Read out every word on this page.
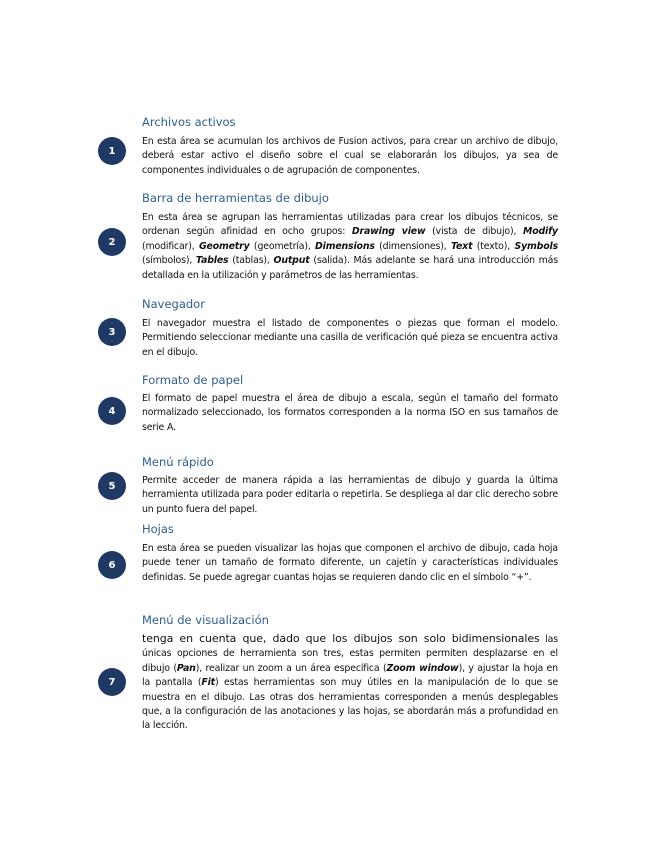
Archivos activos
1
En esta área se acumulan los archivos de Fusion activos, para crear un archivo de dibujo, deberá estar activo el diseño sobre el cual se elaborarán los dibujos, ya sea de componentes individuales o de agrupación de componentes.
Barra de herramientas de dibujo
2
En esta área se agrupan las herramientas utilizadas para crear los dibujos técnicos, se ordenan según afinidad en ocho grupos: Drawing view (vista de dibujo), Modify (modificar), Geometry (geometría), Dimensions (dimensiones), Text (texto), Symbols (símbolos), Tables (tablas), Output (salida). Más adelante se hará una introducción más detallada en la utilización y parámetros de las herramientas.
Navegador
3
El navegador muestra el listado de componentes o piezas que forman el modelo. Permitiendo seleccionar mediante una casilla de verificación qué pieza se encuentra activa en el dibujo.
Formato de papel
4
El formato de papel muestra el área de dibujo a escala, según el tamaño del formato normalizado seleccionado, los formatos corresponden a la norma ISO en sus tamaños de serie A.
Menú rápido
5	Permite acceder de manera rápida a las herramientas de dibujo y guarda la última herramienta utilizada para poder editarla o repetirla. Se despliega al dar clic derecho sobre un punto fuera del papel.
Hojas
6
En esta área se pueden visualizar las hojas que componen el archivo de dibujo, cada hoja puede tener un tamaño de formato diferente, un cajetín y características individuales definidas. Se puede agregar cuantas hojas se requieren dando clic en el símbolo “+”.
Menú de visualización
7
tenga en cuenta que, dado que los dibujos son solo bidimensionales las únicas opciones de herramienta son tres, estas permiten permiten desplazarse en el dibujo (Pan), realizar un zoom a un área específica (Zoom window), y ajustar la hoja en la pantalla (Fit) estas herramientas son muy útiles en la manipulación de lo que se muestra en el dibujo. Las otras dos herramientas corresponden a menús desplegables que, a la configuración de las anotaciones y las hojas, se abordarán más a profundidad en la lección.
